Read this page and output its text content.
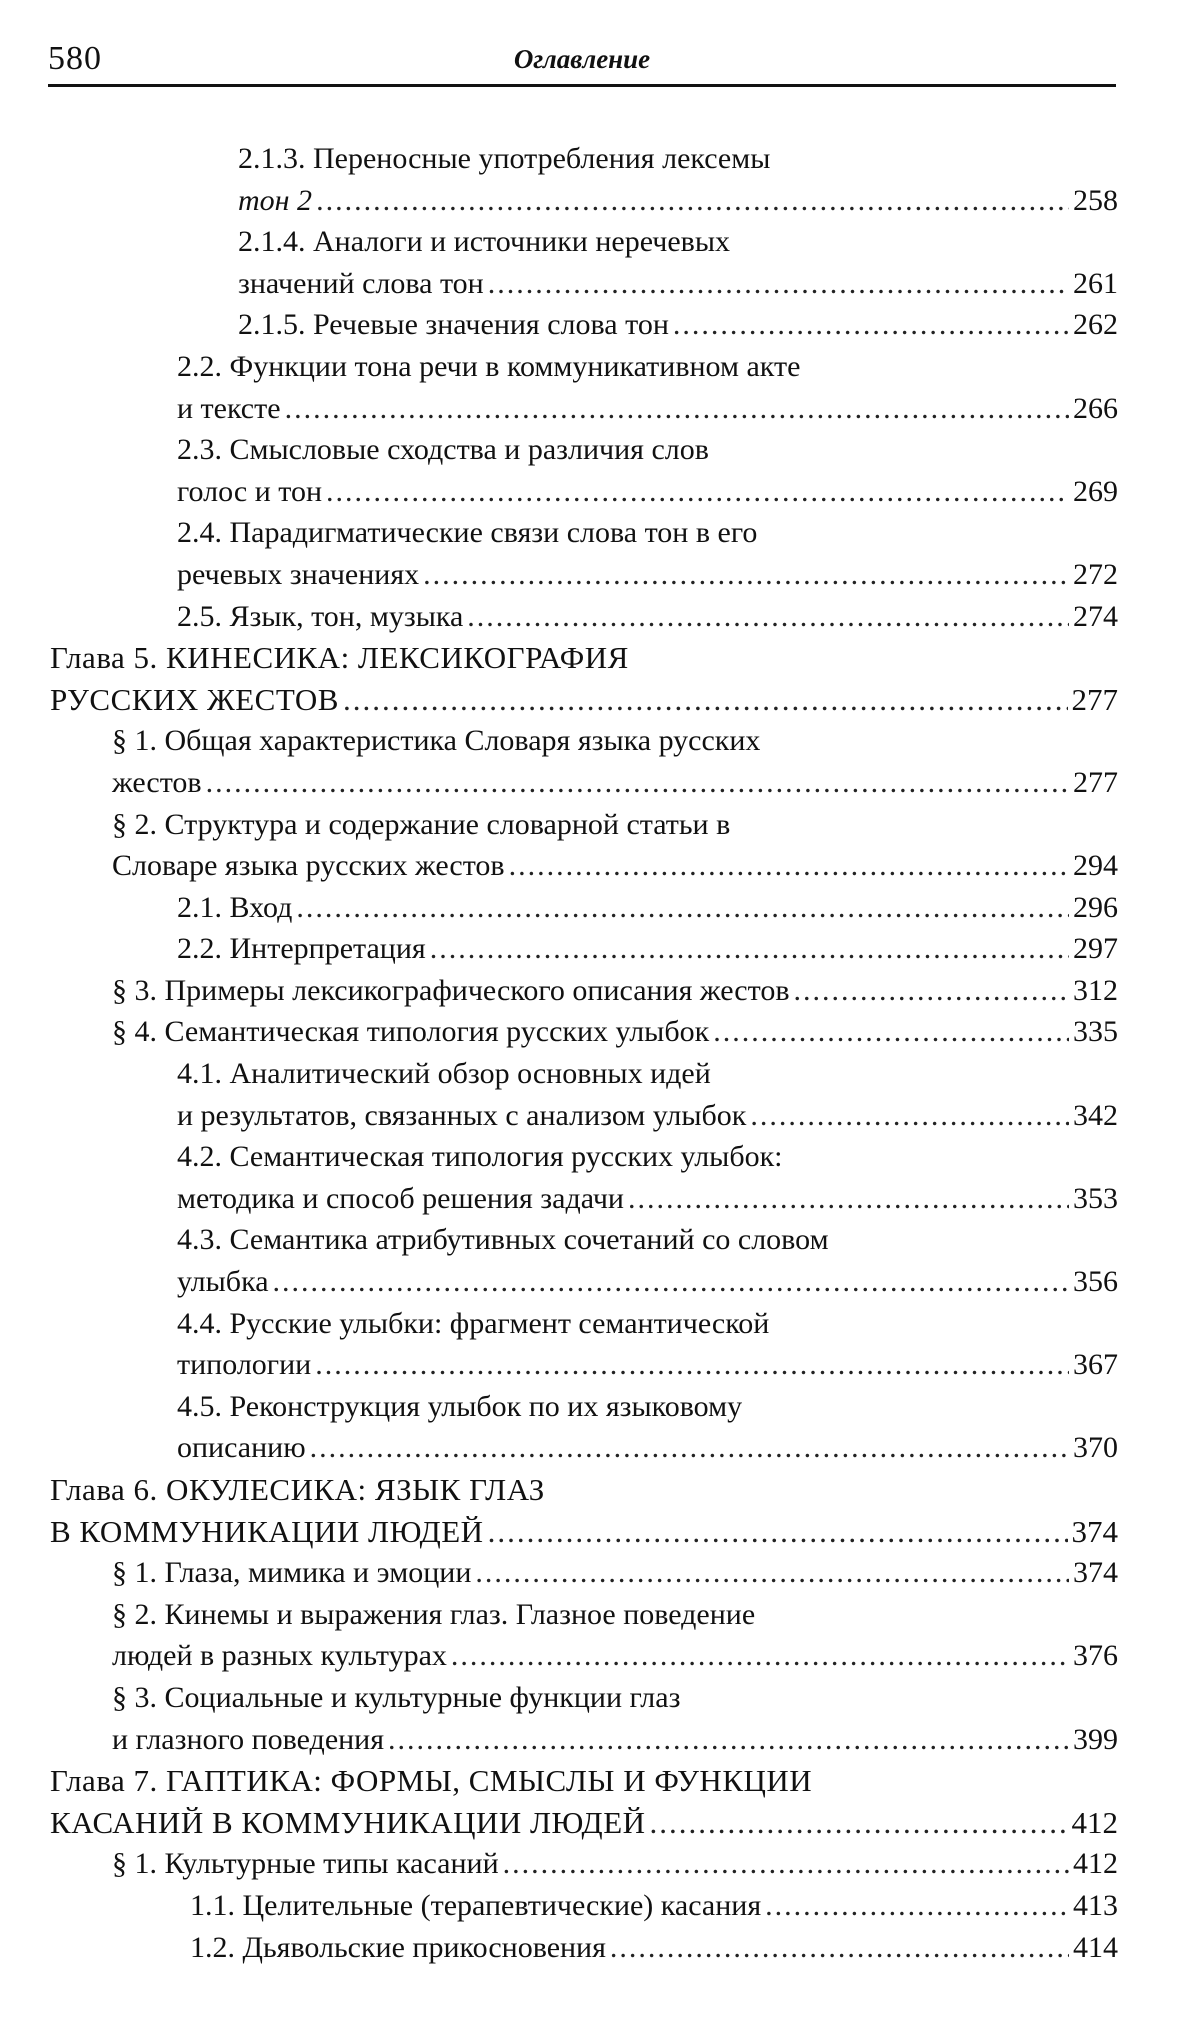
580	Оглавление
2.1.3. Переносные употребления лексемы
тон 2 .....	258
2.1.4. Аналоги и источники неречевых
значений слова тон .....	261
2.1.5. Речевые значения слова тон .....	262
2.2. Функции тона речи в коммуникативном акте
и тексте .....	266
2.3. Смысловые сходства и различия слов
голос и тон .....	269
2.4. Парадигматические связи слова тон в его
речевых значениях .....	272
2.5. Язык, тон, музыка .....	274
Глава 5. КИНЕСИКА: ЛЕКСИКОГРАФИЯ
РУССКИХ ЖЕСТОВ .....	277
§ 1. Общая характеристика Словаря языка русских
жестов .....	277
§ 2. Структура и содержание словарной статьи в
Словаре языка русских жестов .....	294
2.1. Вход .....	296
2.2. Интерпретация .....	297
§ 3. Примеры лексикографического описания жестов .....	312
§ 4. Семантическая типология русских улыбок .....	335
4.1. Аналитический обзор основных идей
и результатов, связанных с анализом улыбок .....	342
4.2. Семантическая типология русских улыбок:
методика и способ решения задачи .....	353
4.3. Семантика атрибутивных сочетаний со словом
улыбка .....	356
4.4. Русские улыбки: фрагмент семантической
типологии .....	367
4.5. Реконструкция улыбок по их языковому
описанию .....	370
Глава 6. ОКУЛЕСИКА: ЯЗЫК ГЛАЗ
В КОММУНИКАЦИИ ЛЮДЕЙ .....	374
§ 1. Глаза, мимика и эмоции .....	374
§ 2. Кинемы и выражения глаз. Глазное поведение
людей в разных культурах .....	376
§ 3. Социальные и культурные функции глаз
и глазного поведения .....	399
Глава 7. ГАПТИКА: ФОРМЫ, СМЫСЛЫ И ФУНКЦИИ
КАСАНИЙ В КОММУНИКАЦИИ ЛЮДЕЙ .....	412
§ 1. Культурные типы касаний .....	412
1.1. Целительные (терапевтические) касания .....	413
1.2. Дьявольские прикосновения .....	414
